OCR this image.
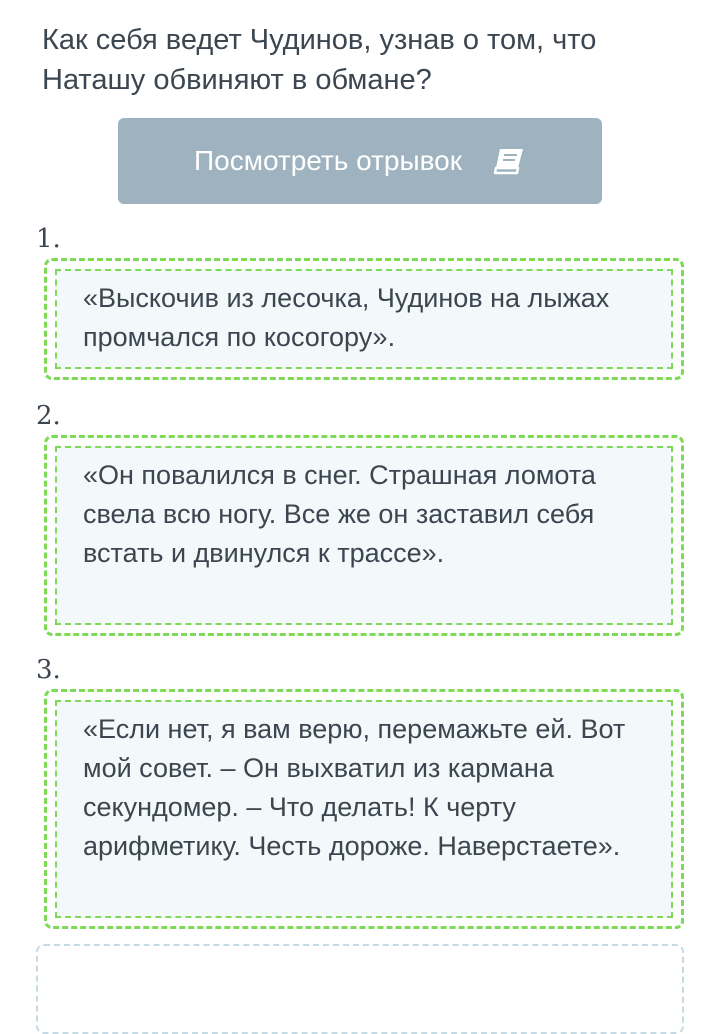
Как себя ведет Чудинов, узнав о том, что Наташу обвиняют в обмане?
Посмотреть отрывок
1.
«Выскочив из лесочка, Чудинов на лыжах промчался по косогору».
2.
«Он повалился в снег. Страшная ломота свела всю ногу. Все же он заставил себя встать и двинулся к трассе».
3.
«Если нет, я вам верю, перемажьте ей. Вот мой совет. – Он выхватил из кармана секундомер. – Что делать! К черту арифметику. Честь дороже. Наверстаете».
